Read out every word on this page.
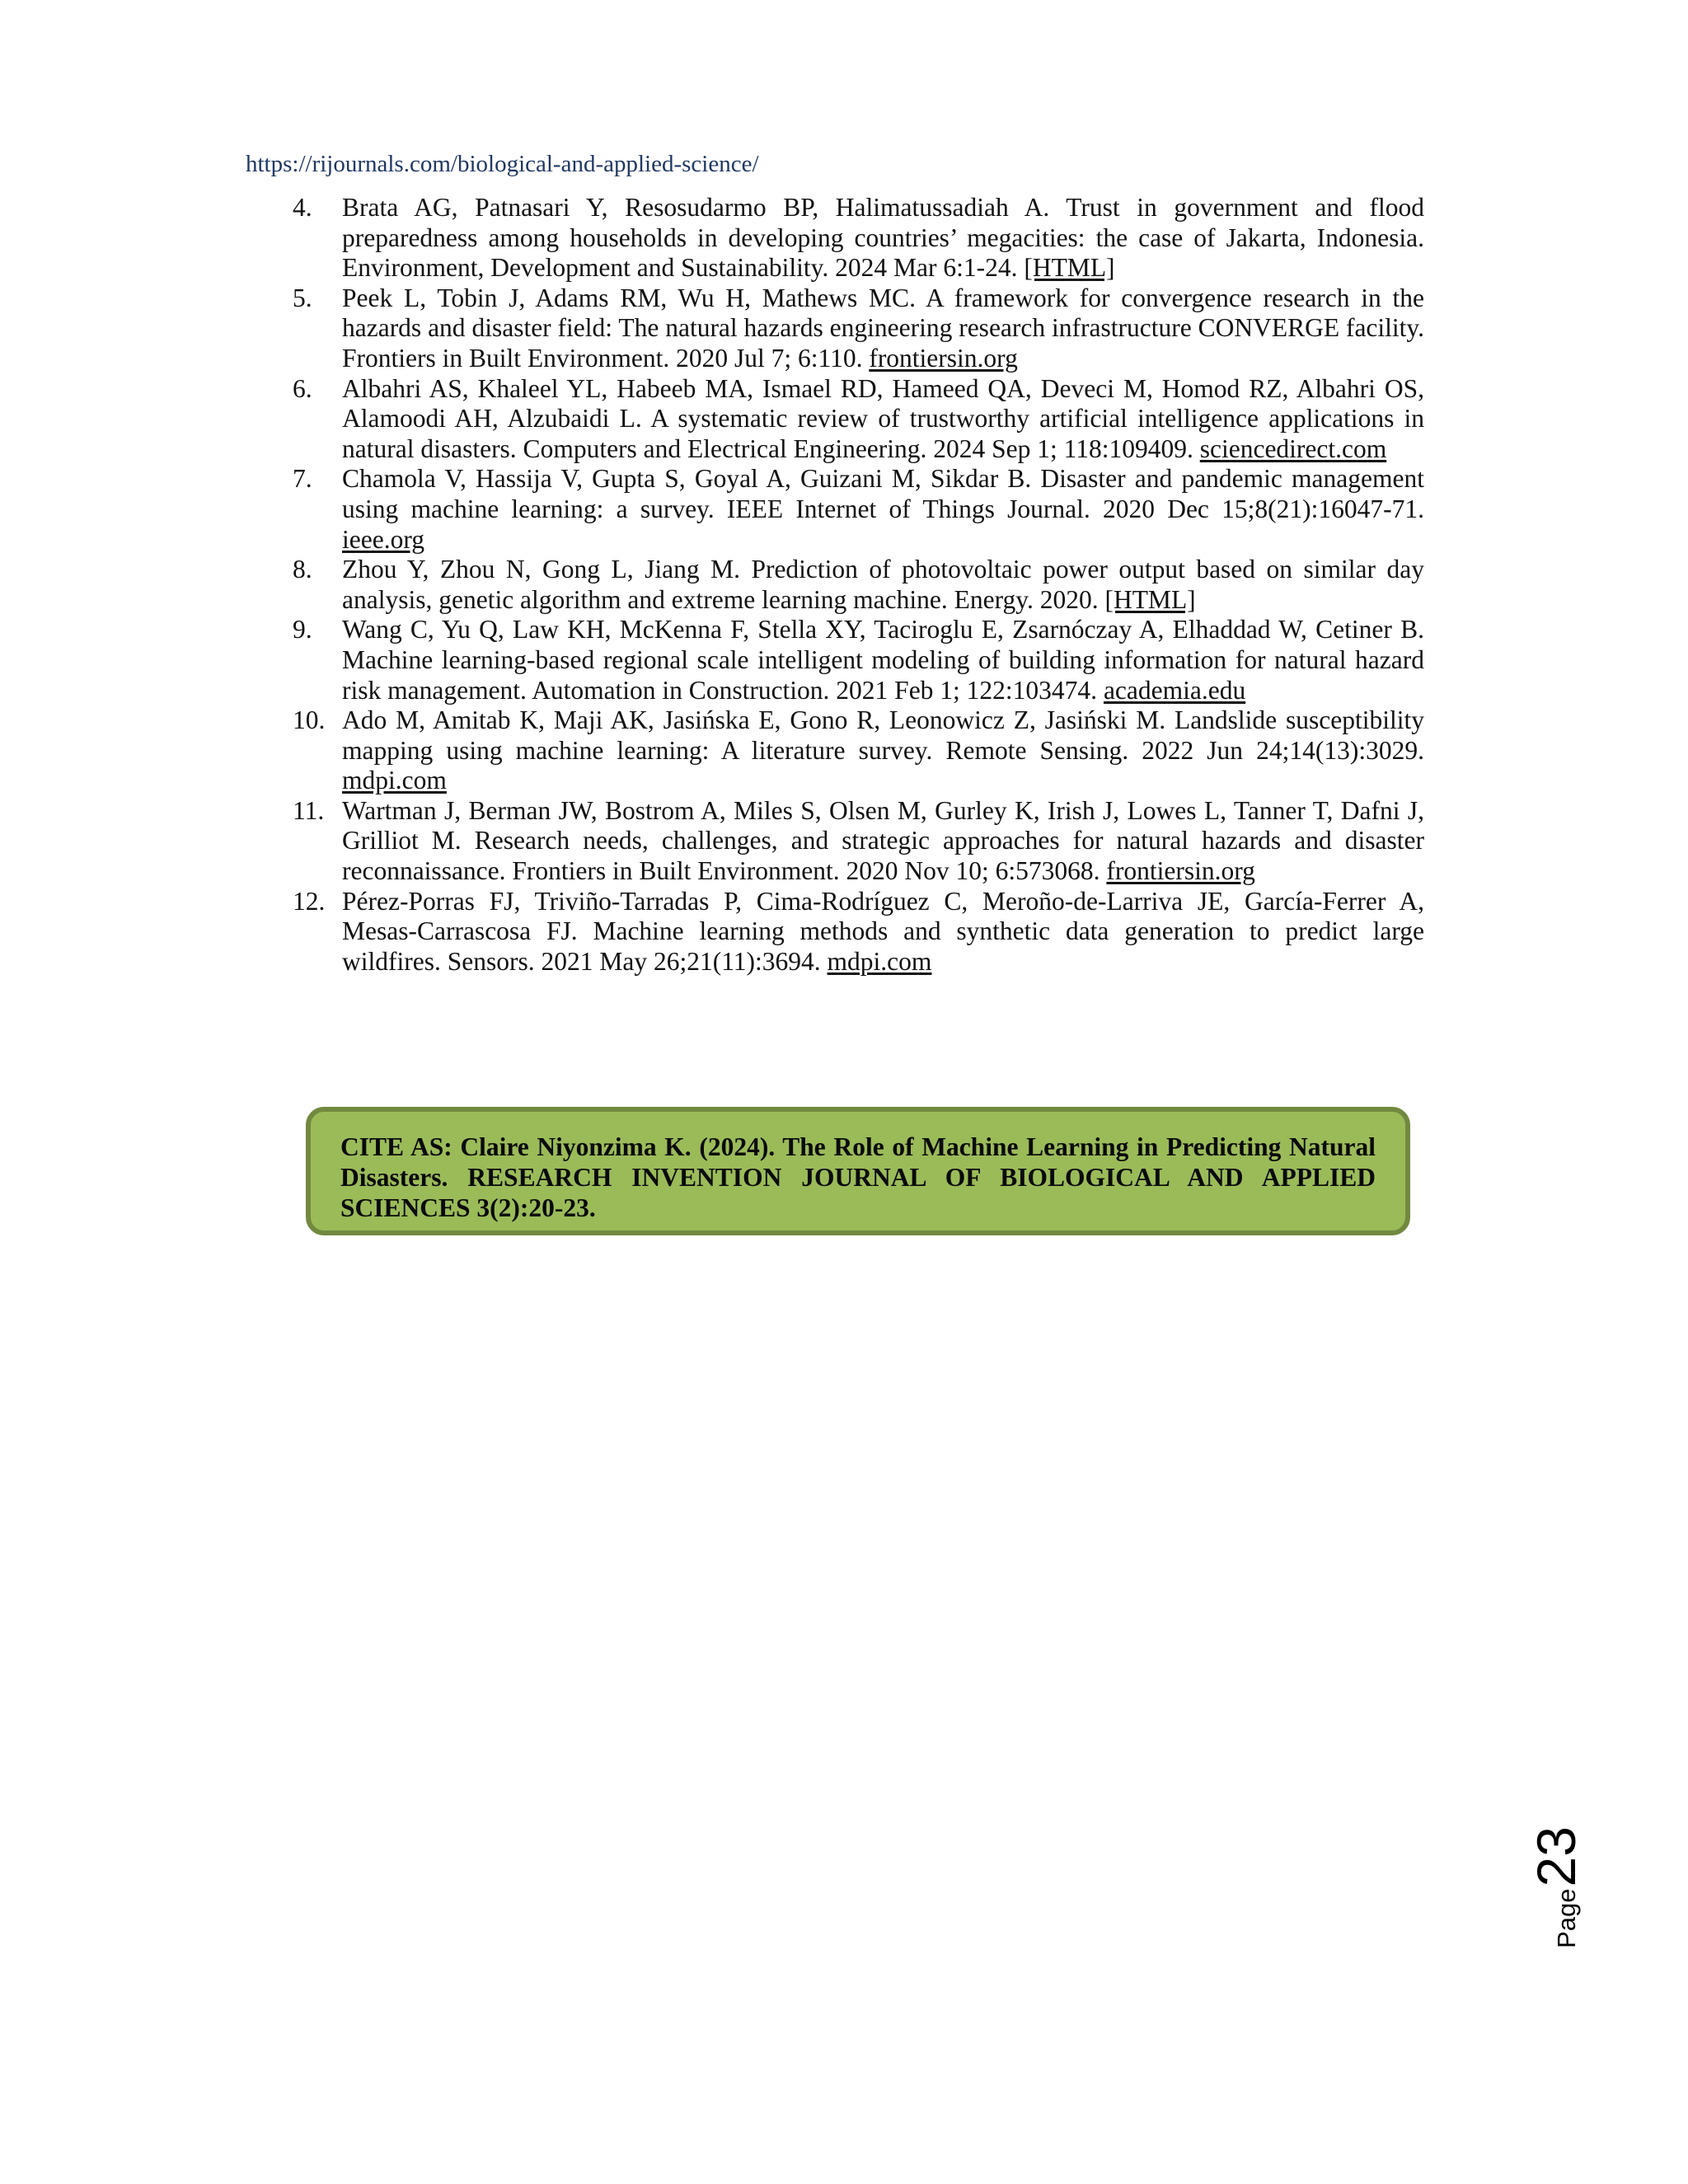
https://rijournals.com/biological-and-applied-science/
4.	Brata AG, Patnasari Y, Resosudarmo BP, Halimatussadiah A. Trust in government and flood preparedness among households in developing countries’ megacities: the case of Jakarta, Indonesia. Environment, Development and Sustainability. 2024 Mar 6:1-24. [HTML]
5.	Peek L, Tobin J, Adams RM, Wu H, Mathews MC. A framework for convergence research in the hazards and disaster field: The natural hazards engineering research infrastructure CONVERGE facility. Frontiers in Built Environment. 2020 Jul 7; 6:110. frontiersin.org
6.	Albahri AS, Khaleel YL, Habeeb MA, Ismael RD, Hameed QA, Deveci M, Homod RZ, Albahri OS, Alamoodi AH, Alzubaidi L. A systematic review of trustworthy artificial intelligence applications in natural disasters. Computers and Electrical Engineering. 2024 Sep 1; 118:109409. sciencedirect.com
7.	Chamola V, Hassija V, Gupta S, Goyal A, Guizani M, Sikdar B. Disaster and pandemic management using machine learning: a survey. IEEE Internet of Things Journal. 2020 Dec 15;8(21):16047-71. ieee.org
8.	Zhou Y, Zhou N, Gong L, Jiang M. Prediction of photovoltaic power output based on similar day analysis, genetic algorithm and extreme learning machine. Energy. 2020. [HTML]
9.	Wang C, Yu Q, Law KH, McKenna F, Stella XY, Taciroglu E, Zsarnóczay A, Elhaddad W, Cetiner B. Machine learning-based regional scale intelligent modeling of building information for natural hazard risk management. Automation in Construction. 2021 Feb 1; 122:103474. academia.edu
10. Ado M, Amitab K, Maji AK, Jasińska E, Gono R, Leonowicz Z, Jasiński M. Landslide susceptibility mapping using machine learning: A literature survey. Remote Sensing. 2022 Jun 24;14(13):3029. mdpi.com
11. Wartman J, Berman JW, Bostrom A, Miles S, Olsen M, Gurley K, Irish J, Lowes L, Tanner T, Dafni J, Grilliot M. Research needs, challenges, and strategic approaches for natural hazards and disaster reconnaissance. Frontiers in Built Environment. 2020 Nov 10; 6:573068. frontiersin.org
12. Pérez-Porras FJ, Triviño-Tarradas P, Cima-Rodríguez C, Meroño-de-Larriva JE, García-Ferrer A, Mesas-Carrascosa FJ. Machine learning methods and synthetic data generation to predict large wildfires. Sensors. 2021 May 26;21(11):3694. mdpi.com

CITE AS: Claire Niyonzima K. (2024). The Role of Machine Learning in Predicting Natural Disasters. RESEARCH INVENTION JOURNAL OF BIOLOGICAL AND APPLIED SCIENCES 3(2):20-23.

Page
23
